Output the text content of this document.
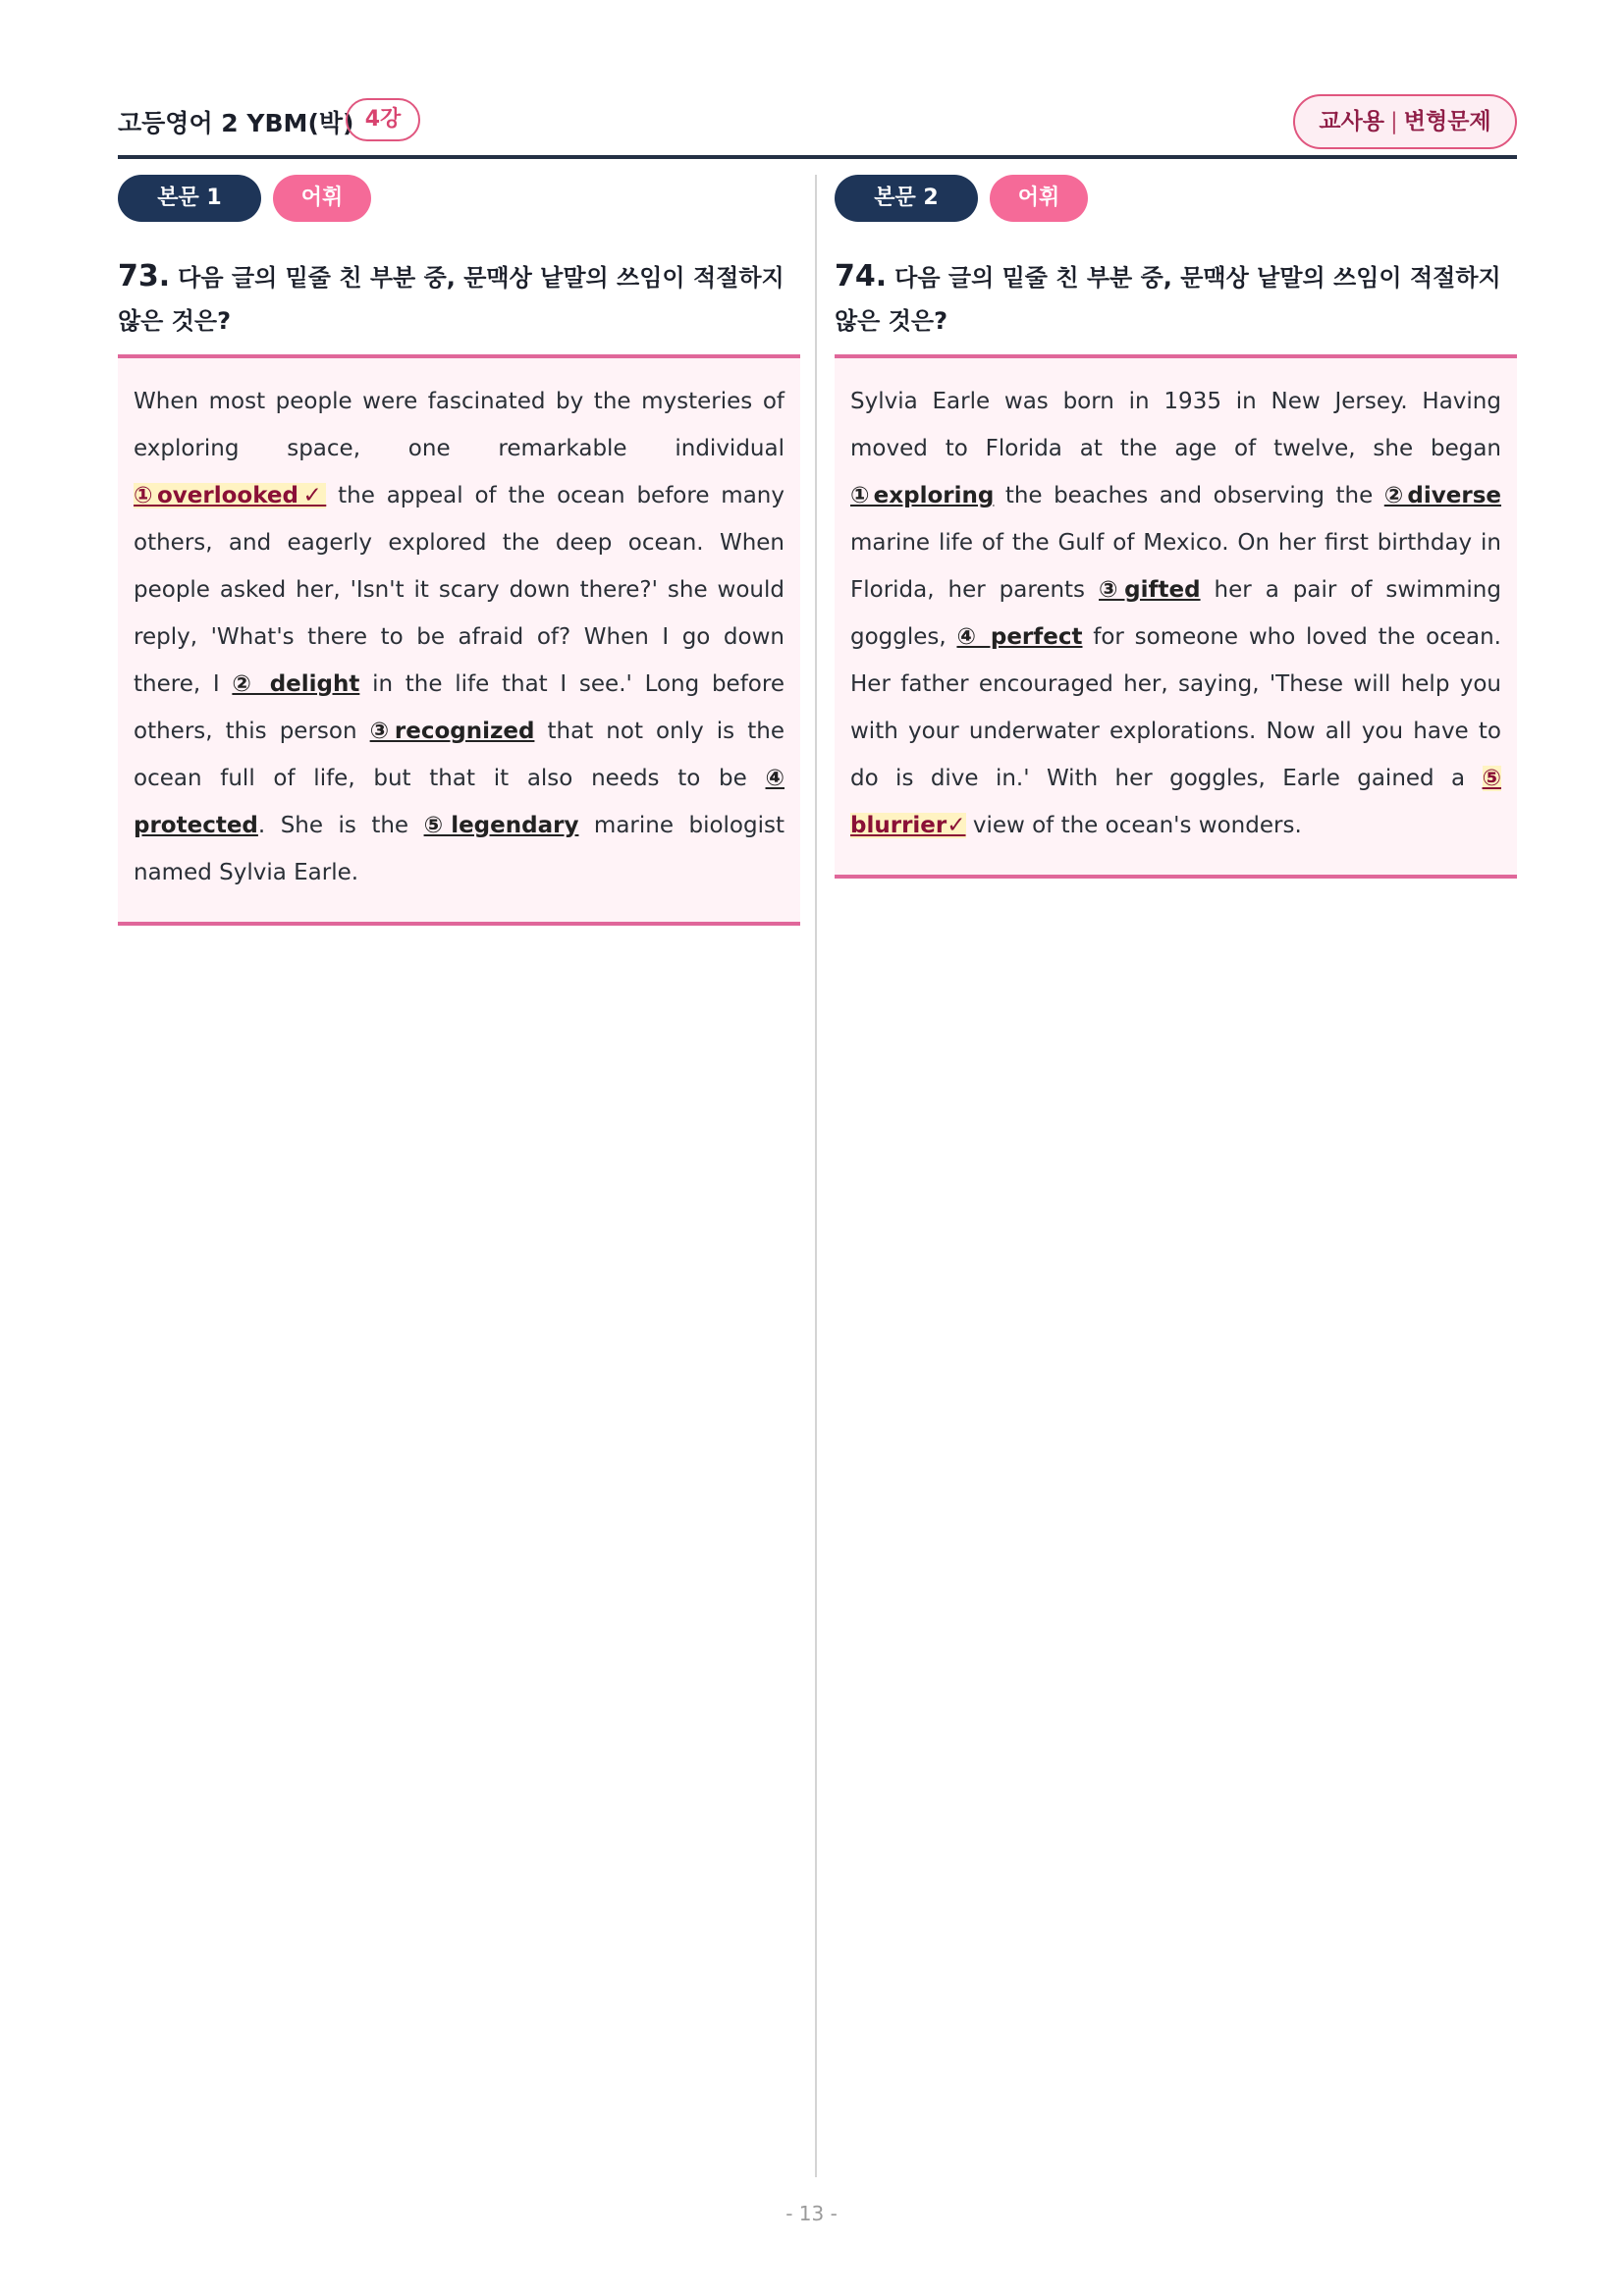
고등영어 2 YBM(박) 4강	교사용 | 변형문제
본문 1	어휘
73. 다음 글의 밑줄 친 부분 중, 문맥상 낱말의 쓰임이 적절하지 않은 것은?
When most people were fascinated by the mysteries of exploring space, one remarkable individual ①overlooked✓ the appeal of the ocean before many others, and eagerly explored the deep ocean. When people asked her, 'Isn't it scary down there?' she would reply, 'What's there to be afraid of? When I go down there, I ② delight in the life that I see.' Long before others, this person ③recognized that not only is the ocean full of life, but that it also needs to be ④ protected. She is the ⑤legendary marine biologist named Sylvia Earle.
본문 2	어휘
74. 다음 글의 밑줄 친 부분 중, 문맥상 낱말의 쓰임이 적절하지 않은 것은?
Sylvia Earle was born in 1935 in New Jersey. Having moved to Florida at the age of twelve, she began ①exploring the beaches and observing the ②diverse marine life of the Gulf of Mexico. On her first birthday in Florida, her parents ③gifted her a pair of swimming goggles, ④ perfect for someone who loved the ocean. Her father encouraged her, saying, 'These will help you with your underwater explorations. Now all you have to do is dive in.' With her goggles, Earle gained a ⑤ blurrier✓ view of the ocean's wonders.
- 13 -
